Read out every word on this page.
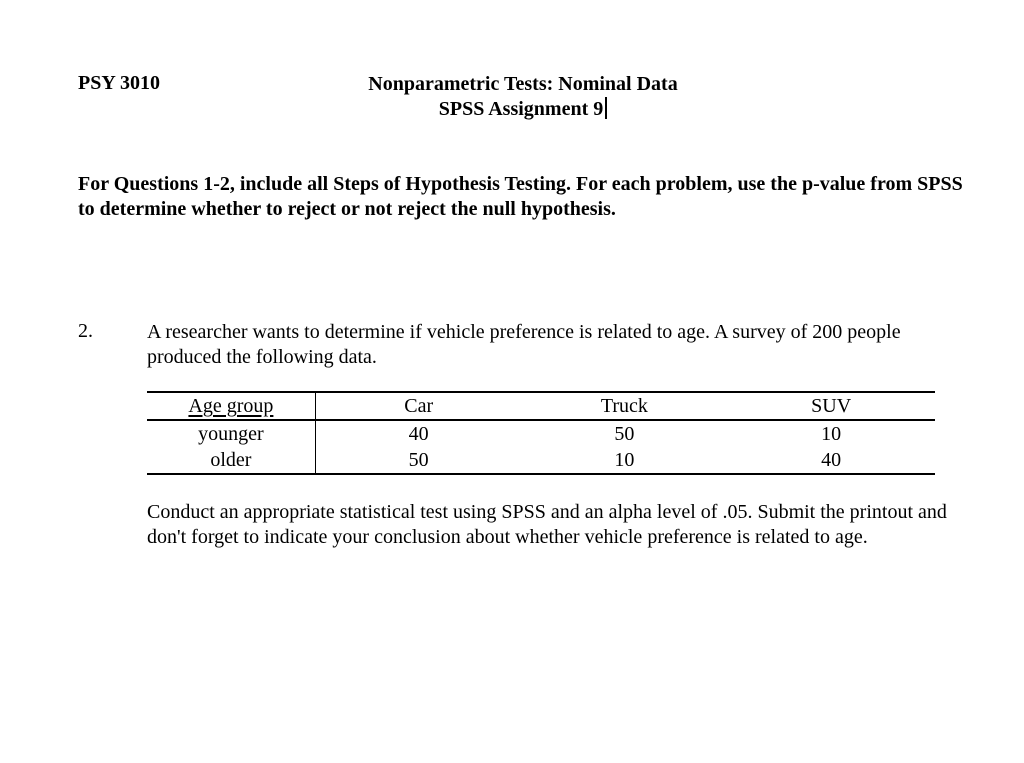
PSY 3010	Nonparametric Tests: Nominal Data
SPSS Assignment 9
For Questions 1-2, include all Steps of Hypothesis Testing. For each problem, use the p-value from SPSS to determine whether to reject or not reject the null hypothesis.
2.	A researcher wants to determine if vehicle preference is related to age. A survey of 200 people produced the following data.
Age group	Car	Truck	SUV
younger	40	50	10
older	50	10	40
Conduct an appropriate statistical test using SPSS and an alpha level of .05. Submit the printout and don't forget to indicate your conclusion about whether vehicle preference is related to age.
